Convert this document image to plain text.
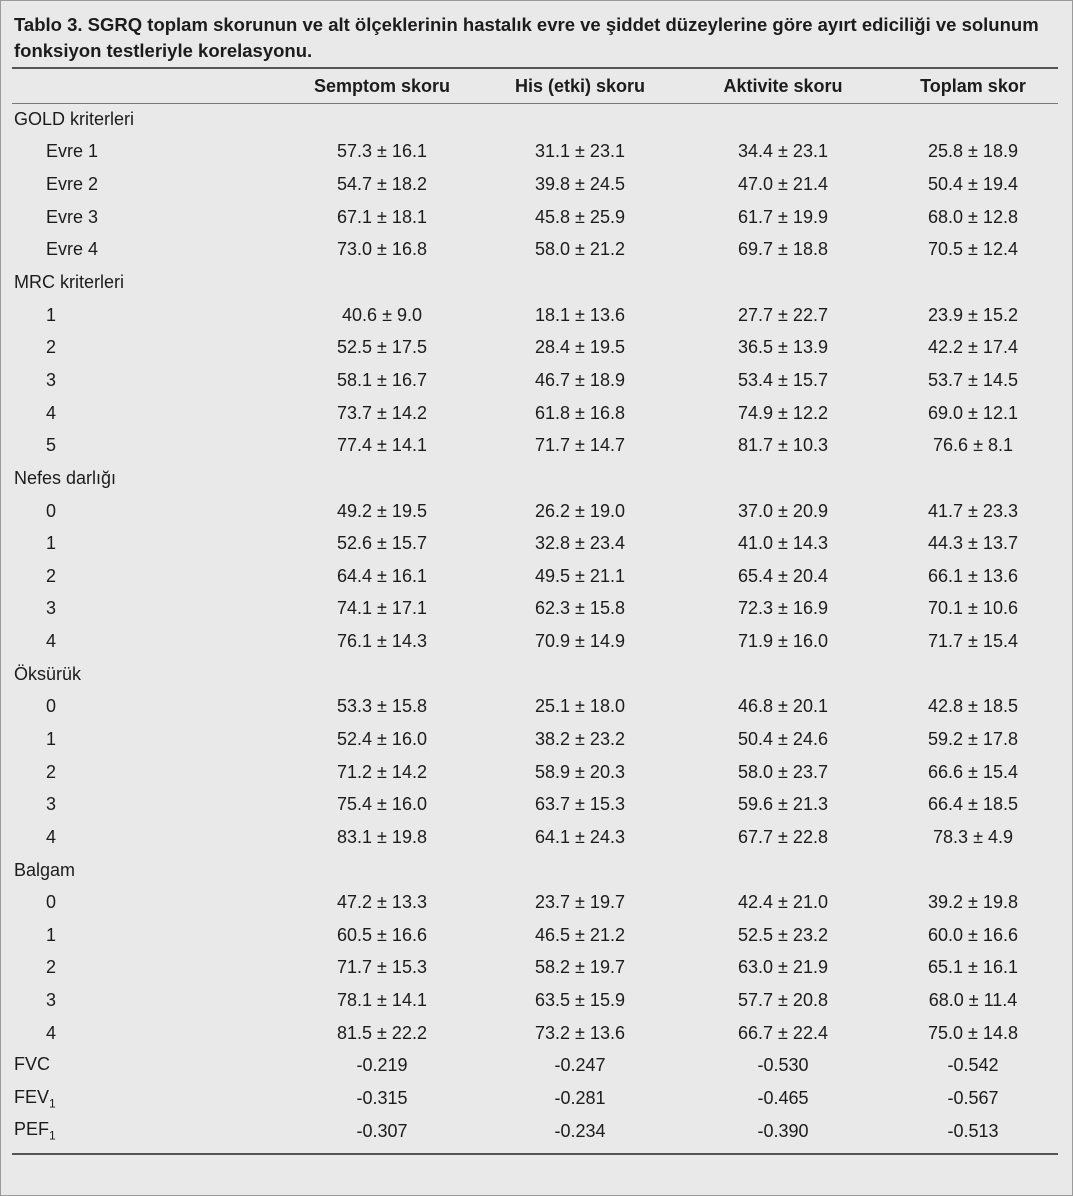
Tablo 3. SGRQ toplam skorunun ve alt ölçeklerinin hastalık evre ve şiddet düzeylerine göre ayırt ediciliği ve solunum fonksiyon testleriyle korelasyonu.
	Semptom skoru	His (etki) skoru	Aktivite skoru	Toplam skor
GOLD kriterleri				
Evre 1	57.3 ± 16.1	31.1 ± 23.1	34.4 ± 23.1	25.8 ± 18.9
Evre 2	54.7 ± 18.2	39.8 ± 24.5	47.0 ± 21.4	50.4 ± 19.4
Evre 3	67.1 ± 18.1	45.8 ± 25.9	61.7 ± 19.9	68.0 ± 12.8
Evre 4	73.0 ± 16.8	58.0 ± 21.2	69.7 ± 18.8	70.5 ± 12.4
MRC kriterleri				
1	40.6 ± 9.0	18.1 ± 13.6	27.7 ± 22.7	23.9 ± 15.2
2	52.5 ± 17.5	28.4 ± 19.5	36.5 ± 13.9	42.2 ± 17.4
3	58.1 ± 16.7	46.7 ± 18.9	53.4 ± 15.7	53.7 ± 14.5
4	73.7 ± 14.2	61.8 ± 16.8	74.9 ± 12.2	69.0 ± 12.1
5	77.4 ± 14.1	71.7 ± 14.7	81.7 ± 10.3	76.6 ± 8.1
Nefes darlığı				
0	49.2 ± 19.5	26.2 ± 19.0	37.0 ± 20.9	41.7 ± 23.3
1	52.6 ± 15.7	32.8 ± 23.4	41.0 ± 14.3	44.3 ± 13.7
2	64.4 ± 16.1	49.5 ± 21.1	65.4 ± 20.4	66.1 ± 13.6
3	74.1 ± 17.1	62.3 ± 15.8	72.3 ± 16.9	70.1 ± 10.6
4	76.1 ± 14.3	70.9 ± 14.9	71.9 ± 16.0	71.7 ± 15.4
Öksürük				
0	53.3 ± 15.8	25.1 ± 18.0	46.8 ± 20.1	42.8 ± 18.5
1	52.4 ± 16.0	38.2 ± 23.2	50.4 ± 24.6	59.2 ± 17.8
2	71.2 ± 14.2	58.9 ± 20.3	58.0 ± 23.7	66.6 ± 15.4
3	75.4 ± 16.0	63.7 ± 15.3	59.6 ± 21.3	66.4 ± 18.5
4	83.1 ± 19.8	64.1 ± 24.3	67.7 ± 22.8	78.3 ± 4.9
Balgam				
0	47.2 ± 13.3	23.7 ± 19.7	42.4 ± 21.0	39.2 ± 19.8
1	60.5 ± 16.6	46.5 ± 21.2	52.5 ± 23.2	60.0 ± 16.6
2	71.7 ± 15.3	58.2 ± 19.7	63.0 ± 21.9	65.1 ± 16.1
3	78.1 ± 14.1	63.5 ± 15.9	57.7 ± 20.8	68.0 ± 11.4
4	81.5 ± 22.2	73.2 ± 13.6	66.7 ± 22.4	75.0 ± 14.8
FVC	-0.219	-0.247	-0.530	-0.542
$FEV_1$	-0.315	-0.281	-0.465	-0.567
$PEF_1$	-0.307	-0.234	-0.390	-0.513
